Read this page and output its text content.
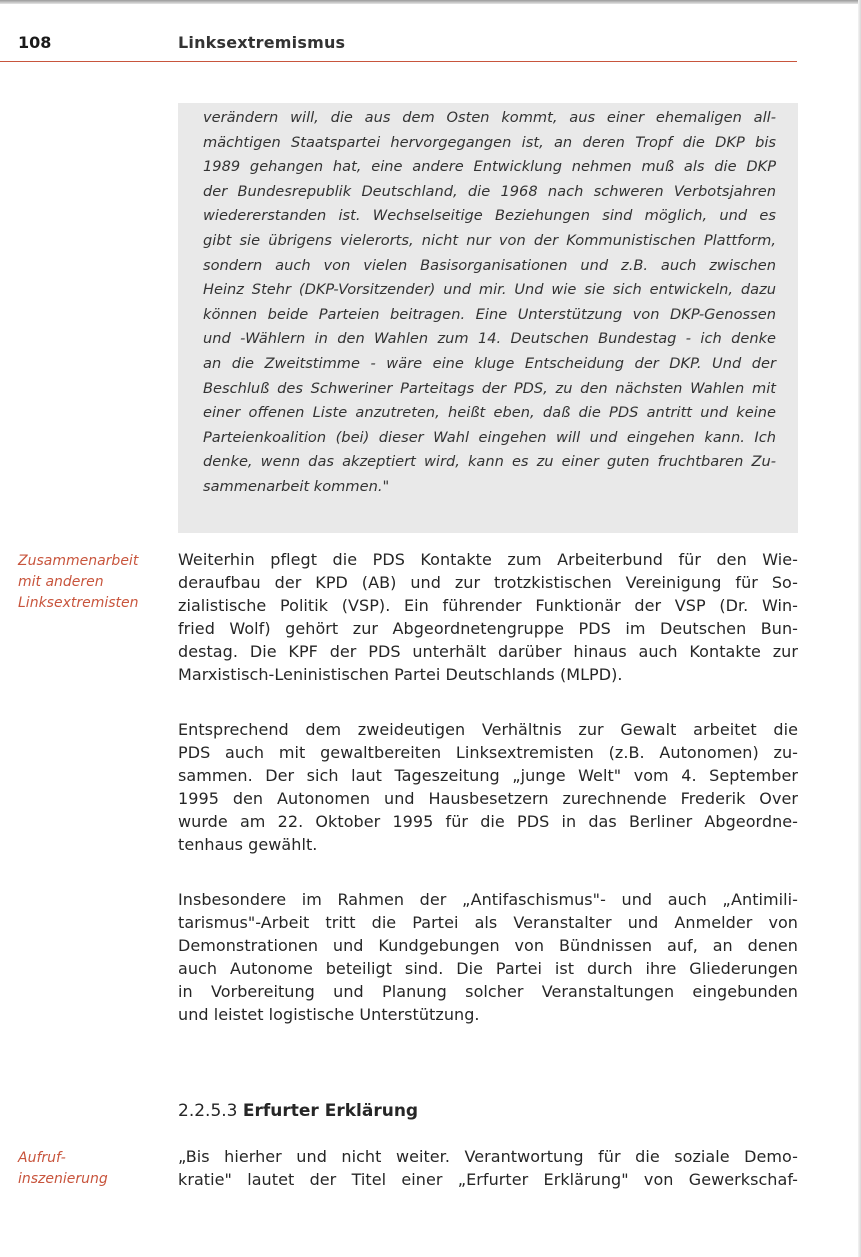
108	Linksextremismus
verändern will, die aus dem Osten kommt, aus einer ehemaligen all-
mächtigen Staatspartei hervorgegangen ist, an deren Tropf die DKP bis
1989 gehangen hat, eine andere Entwicklung nehmen muß als die DKP
der Bundesrepublik Deutschland, die 1968 nach schweren Verbotsjahren
wiedererstanden ist. Wechselseitige Beziehungen sind möglich, und es
gibt sie übrigens vielerorts, nicht nur von der Kommunistischen Plattform,
sondern auch von vielen Basisorganisationen und z.B. auch zwischen
Heinz Stehr (DKP-Vorsitzender) und mir. Und wie sie sich entwickeln, dazu
können beide Parteien beitragen. Eine Unterstützung von DKP-Genossen
und -Wählern in den Wahlen zum 14. Deutschen Bundestag - ich denke
an die Zweitstimme - wäre eine kluge Entscheidung der DKP. Und der
Beschluß des Schweriner Parteitags der PDS, zu den nächsten Wahlen mit
einer offenen Liste anzutreten, heißt eben, daß die PDS antritt und keine
Parteienkoalition (bei) dieser Wahl eingehen will und eingehen kann. Ich
denke, wenn das akzeptiert wird, kann es zu einer guten fruchtbaren Zu-
sammenarbeit kommen."
Zusammenarbeit
mit anderen
Linksextremisten
Weiterhin pflegt die PDS Kontakte zum Arbeiterbund für den Wie-
deraufbau der KPD (AB) und zur trotzkistischen Vereinigung für So-
zialistische Politik (VSP). Ein führender Funktionär der VSP (Dr. Win-
fried Wolf) gehört zur Abgeordnetengruppe PDS im Deutschen Bun-
destag. Die KPF der PDS unterhält darüber hinaus auch Kontakte zur
Marxistisch-Leninistischen Partei Deutschlands (MLPD).
Entsprechend dem zweideutigen Verhältnis zur Gewalt arbeitet die
PDS auch mit gewaltbereiten Linksextremisten (z.B. Autonomen) zu-
sammen. Der sich laut Tageszeitung „junge Welt" vom 4. September
1995 den Autonomen und Hausbesetzern zurechnende Frederik Over
wurde am 22. Oktober 1995 für die PDS in das Berliner Abgeordne-
tenhaus gewählt.
Insbesondere im Rahmen der „Antifaschismus"- und auch „Antimili-
tarismus"-Arbeit tritt die Partei als Veranstalter und Anmelder von
Demonstrationen und Kundgebungen von Bündnissen auf, an denen
auch Autonome beteiligt sind. Die Partei ist durch ihre Gliederungen
in Vorbereitung und Planung solcher Veranstaltungen eingebunden
und leistet logistische Unterstützung.
2.2.5.3 Erfurter Erklärung
Aufruf-
inszenierung
„Bis hierher und nicht weiter. Verantwortung für die soziale Demo-
kratie" lautet der Titel einer „Erfurter Erklärung" von Gewerkschaf-
